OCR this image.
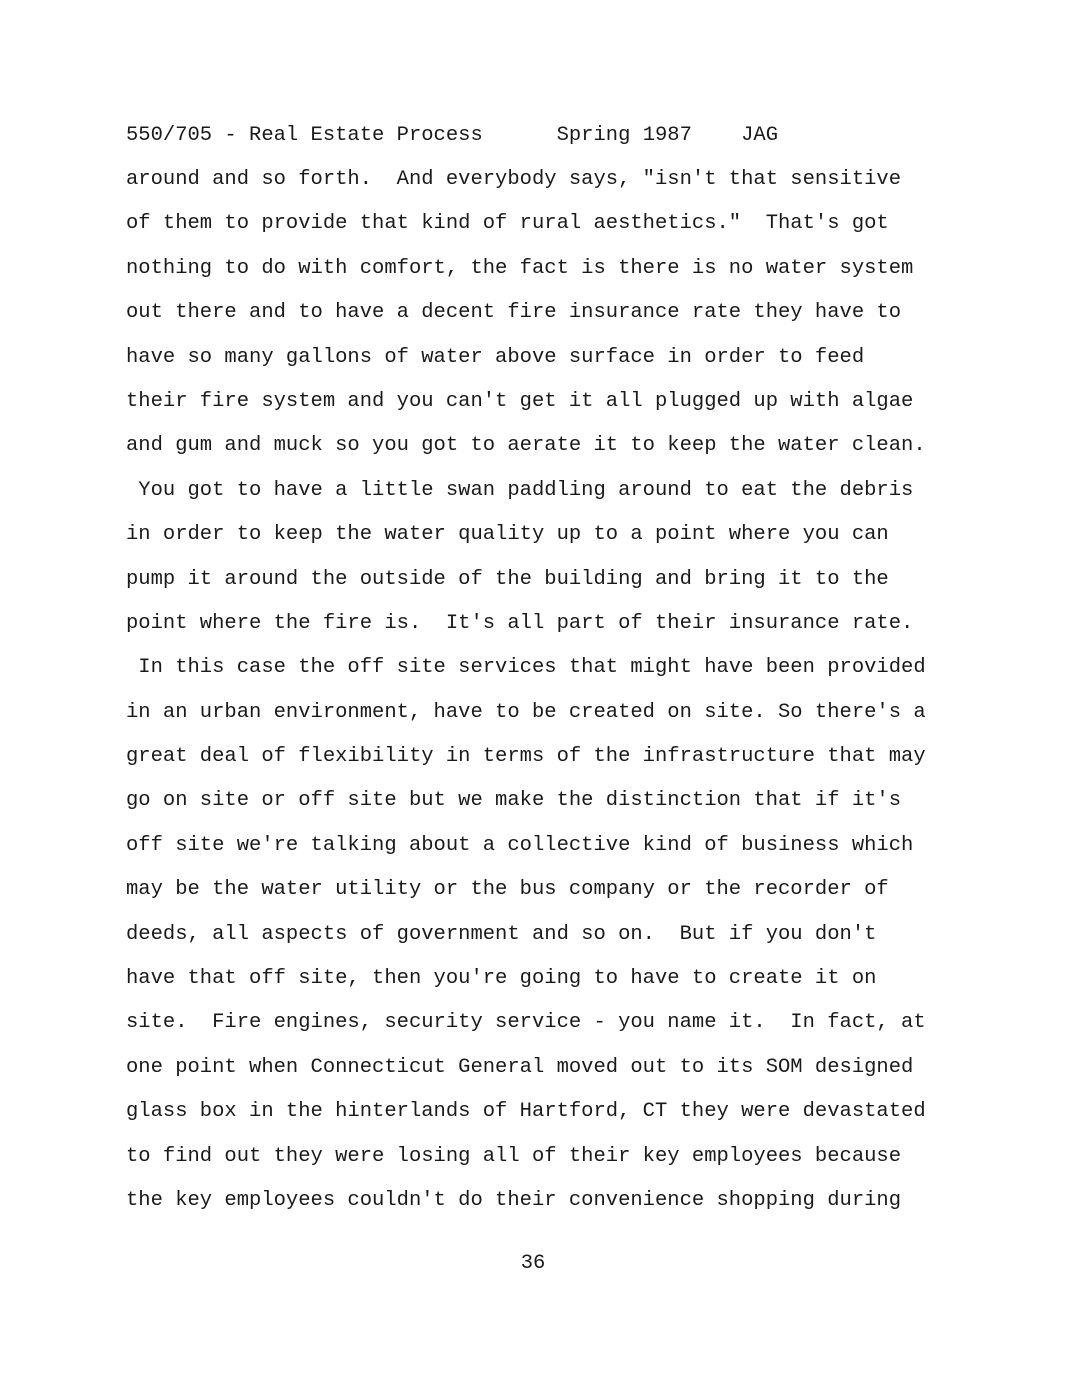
550/705 - Real Estate Process	Spring 1987 JAG
around and so forth.  And everybody says, "isn't that sensitive
of them to provide that kind of rural aesthetics."  That's got
nothing to do with comfort, the fact is there is no water system
out there and to have a decent fire insurance rate they have to
have so many gallons of water above surface in order to feed
their fire system and you can't get it all plugged up with algae
and gum and muck so you got to aerate it to keep the water clean.
You got to have a little swan paddling around to eat the debris
in order to keep the water quality up to a point where you can
pump it around the outside of the building and bring it to the
point where the fire is.  It's all part of their insurance rate.
In this case the off site services that might have been provided
in an urban environment, have to be created on site. So there's a
great deal of flexibility in terms of the infrastructure that may
go on site or off site but we make the distinction that if it's
off site we're talking about a collective kind of business which
may be the water utility or the bus company or the recorder of
deeds, all aspects of government and so on.  But if you don't
have that off site, then you're going to have to create it on
site.  Fire engines, security service - you name it.  In fact, at
one point when Connecticut General moved out to its SOM designed
glass box in the hinterlands of Hartford, CT they were devastated
to find out they were losing all of their key employees because
the key employees couldn't do their convenience shopping during
36
